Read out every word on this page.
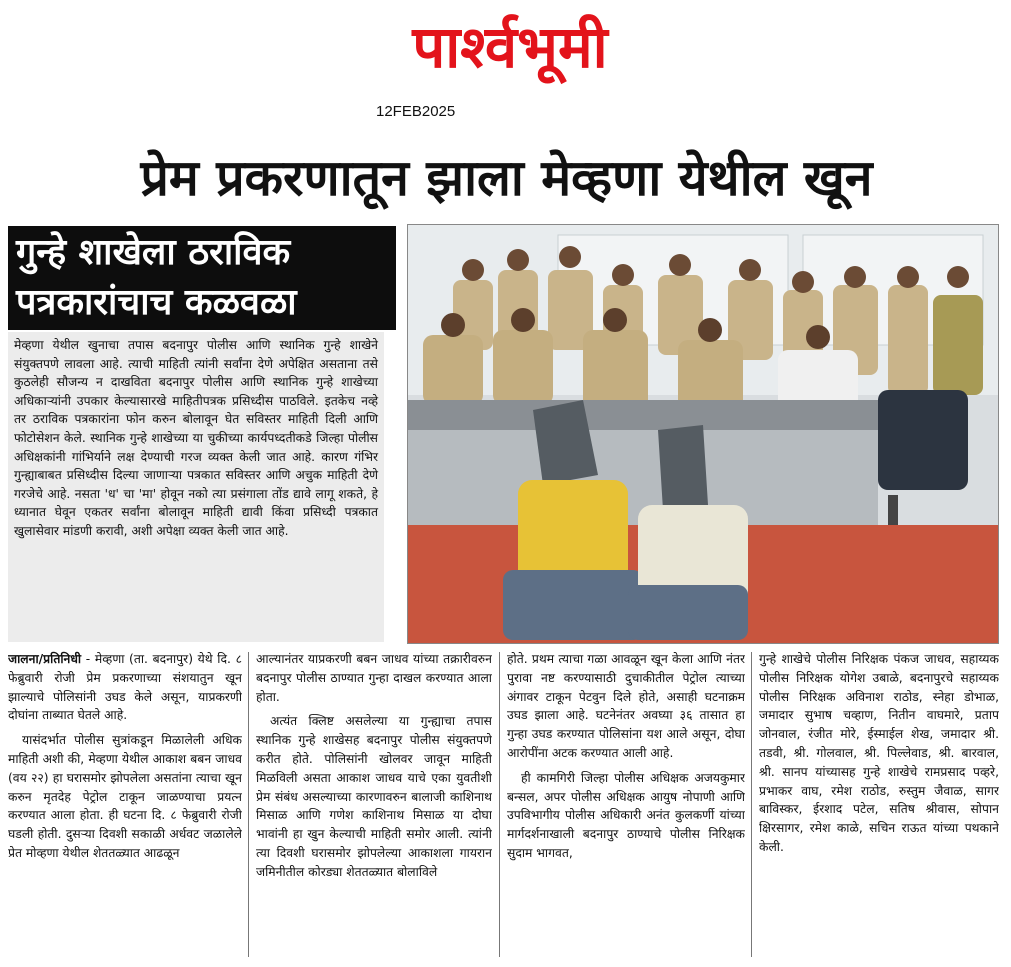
पार्श्वभूमी
12FEB2025
प्रेम प्रकरणातून झाला मेव्हणा येथील खून
गुन्हे शाखेला ठराविक
पत्रकारांचाच कळवळा
मेव्हणा येथील खुनाचा तपास बदनापुर पोलीस आणि स्थानिक गुन्हे शाखेने संयुक्तपणे लावला आहे. त्याची माहिती त्यांनी सर्वांना देणे अपेक्षित असताना तसे कुठलेही सौजन्य न दाखविता बदनापुर पोलीस आणि स्थानिक गुन्हे शाखेच्या अधिकाऱ्यांनी उपकार केल्यासारखे माहितीपत्रक प्रसिध्दीस पाठविले. इतकेच नव्हे तर ठराविक पत्रकारांना फोन करुन बोलावून घेत सविस्तर माहिती दिली आणि फोटोसेशन केले. स्थानिक गुन्हे शाखेच्या या चुकीच्या कार्यपध्दतीकडे जिल्हा पोलीस अधिक्षकांनी गांभिर्याने लक्ष देण्याची गरज व्यक्त केली जात आहे. कारण गंभिर गुन्ह्याबाबत प्रसिध्दीस दिल्या जाणाऱ्या पत्रकात सविस्तर आणि अचुक माहिती देणे गरजेचे आहे. नसता 'ध' चा 'मा' होवून नको त्या प्रसंगाला तोंड द्यावे लागू शकते, हे ध्यानात घेवून एकतर सर्वांना बोलावून माहिती द्यावी किंवा प्रसिध्दी पत्रकात खुलासेवार मांडणी करावी, अशी अपेक्षा व्यक्त केली जात आहे.

जालना/प्रतिनिधी - मेव्हणा (ता. बदनापुर) येथे दि. ८ फेब्रुवारी रोजी प्रेम प्रकरणाच्या संशयातुन खून झाल्याचे पोलिसांनी उघड केले असून, याप्रकरणी दोघांना ताब्यात घेतले आहे.

यासंदर्भात पोलीस सुत्रांकडून मिळालेली अधिक माहिती अशी की, मेव्हणा येथील आकाश बबन जाधव (वय २२) हा घरासमोर झोपलेला असतांना त्याचा खून करुन मृतदेह पेट्रोल टाकून जाळण्याचा प्रयत्न करण्यात आला होता. ही घटना दि. ८ फेब्रुवारी रोजी घडली होती. दुसऱ्या दिवशी सकाळी अर्धवट जळालेले प्रेत मोव्हणा येथील शेततळ्यात आढळून

आल्यानंतर याप्रकरणी बबन जाधव यांच्या तक्रारीवरुन बदनापुर पोलीस ठाण्यात गुन्हा दाखल करण्यात आला होता.

अत्यंत क्लिष्ट असलेल्या या गुन्ह्याचा तपास स्थानिक गुन्हे शाखेसह बदनापुर पोलीस संयुक्तपणे करीत होते. पोलिसांनी खोलवर जावून माहिती मिळविली असता आकाश जाधव याचे एका युवतीशी प्रेम संबंध असल्याच्या कारणावरुन बालाजी काशिनाथ मिसाळ आणि गणेश काशिनाथ मिसाळ या दोघा भावांनी हा खुन केल्याची माहिती समोर आली. त्यांनी त्या दिवशी घरासमोर झोपलेल्या आकाशला गायरान जमिनीतील कोरड्या शेततळ्यात बोलाविले

होते. प्रथम त्याचा गळा आवळून खून केला आणि नंतर पुरावा नष्ट करण्यासाठी दुचाकीतील पेट्रोल त्याच्या अंगावर टाकून पेटवुन दिले होते, असाही घटनाक्रम उघड झाला आहे. घटनेनंतर अवघ्या ३६ तासात हा गुन्हा उघड करण्यात पोलिसांना यश आले असून, दोघा आरोपींना अटक करण्यात आली आहे.

ही कामगिरी जिल्हा पोलीस अधिक्षक अजयकुमार बन्सल, अपर पोलीस अधिक्षक आयुष नोपाणी आणि उपविभागीय पोलीस अधिकारी अनंत कुलकर्णी यांच्या मार्गदर्शनाखाली बदनापुर ठाण्याचे पोलीस निरिक्षक सुदाम भागवत,

गुन्हे शाखेचे पोलीस निरिक्षक पंकज जाधव, सहाय्यक पोलीस निरिक्षक योगेश उबाळे, बदनापुरचे सहाय्यक पोलीस निरिक्षक अविनाश राठोड, स्नेहा डोभाळ, जमादार सुभाष चव्हाण, नितीन वाघमारे, प्रताप जोनवाल, रंजीत मोरे, ईस्माईल शेख, जमादार श्री. तडवी, श्री. गोलवाल, श्री. पिल्लेवाड, श्री. बारवाल, श्री. सानप यांच्यासह गुन्हे शाखेचे रामप्रसाद पव्हरे, प्रभाकर वाघ, रमेश राठोड, रुस्तुम जैवाळ, सागर बाविस्कर, ईरशाद पटेल, सतिष श्रीवास, सोपान क्षिरसागर, रमेश काळे, सचिन राऊत यांच्या पथकाने केली.
